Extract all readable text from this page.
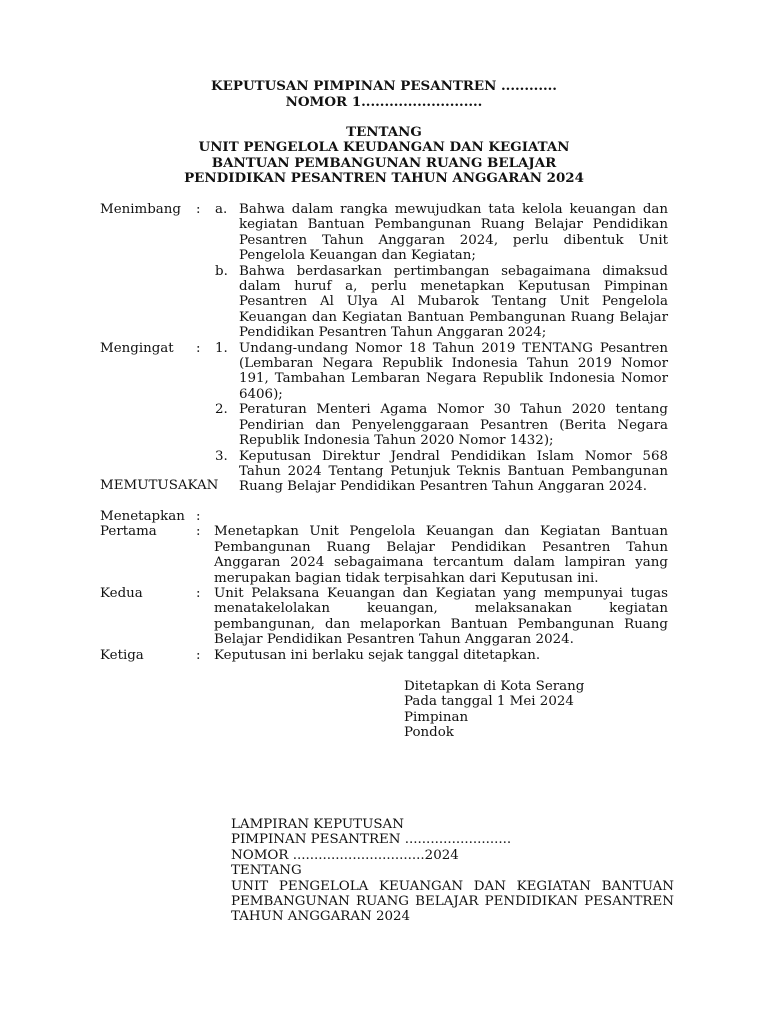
KEPUTUSAN PIMPINAN PESANTREN ............
NOMOR 1..........................
TENTANG
UNIT PENGELOLA KEUDANGAN DAN KEGIATAN
BANTUAN PEMBANGUNAN RUANG BELAJAR
PENDIDIKAN PESANTREN TAHUN ANGGARAN 2024
Menimbang : a. Bahwa dalam rangka mewujudkan tata kelola keuangan dan kegiatan Bantuan Pembangunan Ruang Belajar Pendidikan Pesantren Tahun Anggaran 2024, perlu dibentuk Unit Pengelola Keuangan dan Kegiatan;
b. Bahwa berdasarkan pertimbangan sebagaimana dimaksud dalam huruf a, perlu menetapkan Keputusan Pimpinan Pesantren Al Ulya Al Mubarok Tentang Unit Pengelola Keuangan dan Kegiatan Bantuan Pembangunan Ruang Belajar Pendidikan Pesantren Tahun Anggaran 2024;
Mengingat : 1. Undang-undang Nomor 18 Tahun 2019 TENTANG Pesantren (Lembaran Negara Republik Indonesia Tahun 2019 Nomor 191, Tambahan Lembaran Negara Republik Indonesia Nomor 6406);
2. Peraturan Menteri Agama Nomor 30 Tahun 2020 tentang Pendirian dan Penyelenggaraan Pesantren (Berita Negara Republik Indonesia Tahun 2020 Nomor 1432);
3. Keputusan Direktur Jendral Pendidikan Islam Nomor 568 Tahun 2024 Tentang Petunjuk Teknis Bantuan Pembangunan Ruang Belajar Pendidikan Pesantren Tahun Anggaran 2024.
MEMUTUSAKAN
Menetapkan :
Pertama	: Menetapkan Unit Pengelola Keuangan dan Kegiatan Bantuan Pembangunan Ruang Belajar Pendidikan Pesantren Tahun Anggaran 2024 sebagaimana tercantum dalam lampiran yang merupakan bagian tidak terpisahkan dari Keputusan ini.
Kedua	: Unit Pelaksana Keuangan dan Kegiatan yang mempunyai tugas menatakelolakan keuangan, melaksanakan kegiatan pembangunan, dan melaporkan Bantuan Pembangunan Ruang Belajar Pendidikan Pesantren Tahun Anggaran 2024.
Ketiga	: Keputusan ini berlaku sejak tanggal ditetapkan.
Ditetapkan di Kota Serang
Pada tanggal 1 Mei 2024
Pimpinan
Pondok
LAMPIRAN KEPUTUSAN
PIMPINAN PESANTREN .........................
NOMOR ...............................2024
TENTANG
UNIT PENGELOLA KEUANGAN DAN KEGIATAN BANTUAN
PEMBANGUNAN RUANG BELAJAR PENDIDIKAN PESANTREN
TAHUN ANGGARAN 2024
